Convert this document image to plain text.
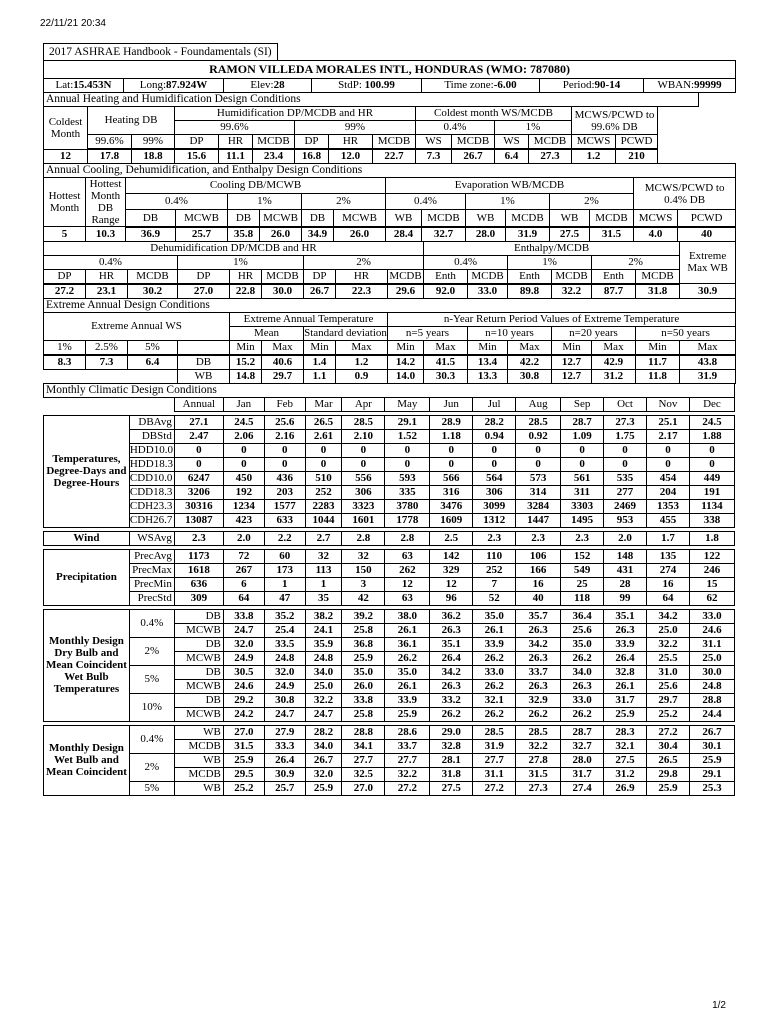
22/11/21 20:34
1/2
2017 ASHRAE Handbook - Foundamentals (SI)
RAMON VILLEDA MORALES INTL, HONDURAS (WMO: 787080)
Lat:15.453N	Long:87.924W	Elev:28	StdP: 100.99	Time zone:-6.00	Period:90-14	WBAN:99999
Annual Heating and Humidification Design Conditions																
Coldest Month	Heating DB		Humidification DP/MCDB and HR						Coldest month WS/MCDB				MCWS/PCWD to 99.6% DB			
			99.6%			99%			0.4%		1%					
	99.6%	99%	DP	HR	MCDB	DP	HR	MCDB	WS	MCDB	WS	MCDB	MCWS	PCWD		
12	17.8	18.8	15.6	11.1	23.4	16.8	12.0	22.7	7.3	26.7	6.4	27.3	1.2	210		
Annual Cooling, Dehumidification, and Enthalpy Design Conditions															
Hottest Month	Hottest Month DB Range	Cooling DB/MCWB						Evaporation WB/MCDB						MCWS/PCWD to 0.4% DB	
		0.4%		1%		2%		0.4%		1%		2%			
		DB	MCWB	DB	MCWB	DB	MCWB	WB	MCDB	WB	MCDB	WB	MCDB	MCWS	PCWD
5	10.3	36.9	25.7	35.8	26.0	34.9	26.0	28.4	32.7	28.0	31.9	27.5	31.5	4.0	40
Dehumidification DP/MCDB and HR									Enthalpy/MCDB						Extreme Max WB
0.4%			1%			2%			0.4%		1%		2%		
DP	HR	MCDB	DP	HR	MCDB	DP	HR	MCDB	Enth	MCDB	Enth	MCDB	Enth	MCDB	
27.2	23.1	30.2	27.0	22.8	30.0	26.7	22.3	29.6	92.0	33.0	89.8	32.2	87.7	31.8	30.9
Extreme Annual Design Conditions															
Extreme Annual WS				Extreme Annual Temperature				n-Year Return Period Values of Extreme Temperature							
				Mean		Standard deviation									
								n=5 years		n=10 years		n=20 years		n=50 years	
1%	2.5%	5%		Min	Max	Min	Max	Min	Max	Min	Max	Min	Max	Min	Max
8.3	7.3	6.4	DB	15.2	40.6	1.4	1.2	14.2	41.5	13.4	42.2	12.7	42.9	11.7	43.8
			WB	14.8	29.7	1.1	0.9	14.0	30.3	13.3	30.8	12.7	31.2	11.8	31.9
Monthly Climatic Design Conditions														
		Annual	Jan	Feb	Mar	Apr	May	Jun	Jul	Aug	Sep	Oct	Nov	Dec

Temperatures, Degree-Days and Degree-Hours	DBAvg	27.1	24.5	25.6	26.5	28.5	29.1	28.9	28.2	28.5	28.7	27.3	25.1	24.5
	DBStd	2.47	2.06	2.16	2.61	2.10	1.52	1.18	0.94	0.92	1.09	1.75	2.17	1.88
	HDD10.0	0	0	0	0	0	0	0	0	0	0	0	0	0
	HDD18.3	0	0	0	0	0	0	0	0	0	0	0	0	0
	CDD10.0	6247	450	436	510	556	593	566	564	573	561	535	454	449
	CDD18.3	3206	192	203	252	306	335	316	306	314	311	277	204	191
	CDH23.3	30316	1234	1577	2283	3323	3780	3476	3099	3284	3303	2469	1353	1134
	CDH26.7	13087	423	633	1044	1601	1778	1609	1312	1447	1495	953	455	338

Wind	WSAvg	2.3	2.0	2.2	2.7	2.8	2.8	2.5	2.3	2.3	2.3	2.0	1.7	1.8

Precipitation	PrecAvg	1173	72	60	32	32	63	142	110	106	152	148	135	122
	PrecMax	1618	267	173	113	150	262	329	252	166	549	431	274	246
	PrecMin	636	6	1	1	3	12	12	7	16	25	28	16	15
	PrecStd	309	64	47	35	42	63	96	52	40	118	99	64	62

Monthly Design Dry Bulb and Mean Coincident Wet Bulb Temperatures	0.4%	DB	33.8	35.2	38.2	39.2	38.0	36.2	35.0	35.7	36.4	35.1	34.2	33.0
		MCWB	24.7	25.4	24.1	25.8	26.1	26.3	26.1	26.3	25.6	26.3	25.0	24.6
	2%	DB	32.0	33.5	35.9	36.8	36.1	35.1	33.9	34.2	35.0	33.9	32.2	31.1
		MCWB	24.9	24.8	24.8	25.9	26.2	26.4	26.2	26.3	26.2	26.4	25.5	25.0
	5%	DB	30.5	32.0	34.0	35.0	35.0	34.2	33.0	33.7	34.0	32.8	31.0	30.0
		MCWB	24.6	24.9	25.0	26.0	26.1	26.3	26.2	26.3	26.3	26.1	25.6	24.8
	10%	DB	29.2	30.8	32.2	33.8	33.9	33.2	32.1	32.9	33.0	31.7	29.7	28.8
		MCWB	24.2	24.7	24.7	25.8	25.9	26.2	26.2	26.2	26.2	25.9	25.2	24.4

Monthly Design Wet Bulb and Mean Coincident	0.4%	WB	27.0	27.9	28.2	28.8	28.6	29.0	28.5	28.5	28.7	28.3	27.2	26.7
		MCDB	31.5	33.3	34.0	34.1	33.7	32.8	31.9	32.2	32.7	32.1	30.4	30.1
	2%	WB	25.9	26.4	26.7	27.7	27.7	28.1	27.7	27.8	28.0	27.5	26.5	25.9
		MCDB	29.5	30.9	32.0	32.5	32.2	31.8	31.1	31.5	31.7	31.2	29.8	29.1
	5%	WB	25.2	25.7	25.9	27.0	27.2	27.5	27.2	27.3	27.4	26.9	25.9	25.3
